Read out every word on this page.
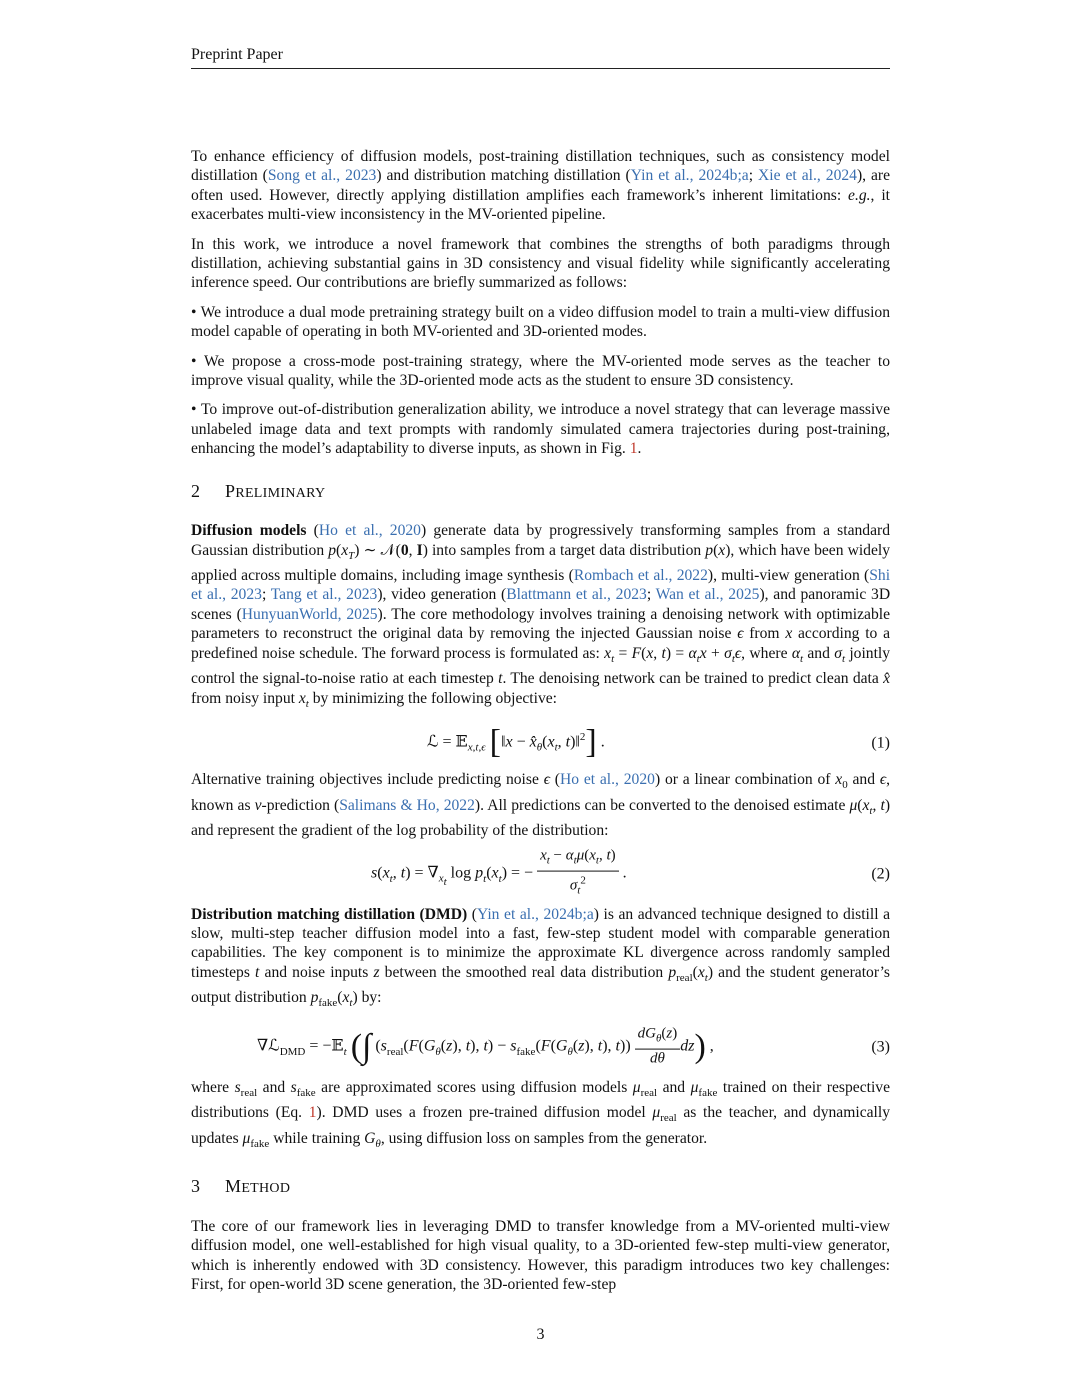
Preprint Paper

To enhance efficiency of diffusion models, post-training distillation techniques, such as consistency model distillation (Song et al., 2023) and distribution matching distillation (Yin et al., 2024b;a; Xie et al., 2024), are often used. However, directly applying distillation amplifies each framework’s inherent limitations: e.g., it exacerbates multi-view inconsistency in the MV-oriented pipeline.

In this work, we introduce a novel framework that combines the strengths of both paradigms through distillation, achieving substantial gains in 3D consistency and visual fidelity while significantly accelerating inference speed. Our contributions are briefly summarized as follows:

• We introduce a dual mode pretraining strategy built on a video diffusion model to train a multi-view diffusion model capable of operating in both MV-oriented and 3D-oriented modes.

• We propose a cross-mode post-training strategy, where the MV-oriented mode serves as the teacher to improve visual quality, while the 3D-oriented mode acts as the student to ensure 3D consistency.

• To improve out-of-distribution generalization ability, we introduce a novel strategy that can leverage massive unlabeled image data and text prompts with randomly simulated camera trajectories during post-training, enhancing the model’s adaptability to diverse inputs, as shown in Fig. 1.

2 PRELIMINARY

Diffusion models (Ho et al., 2020) generate data by progressively transforming samples from a standard Gaussian distribution $p(x_T)$ ∼ 𝒩(0, I) into samples from a target data distribution p(x), which have been widely applied across multiple domains, including image synthesis (Rombach et al., 2022), multi-view generation (Shi et al., 2023; Tang et al., 2023), video generation (Blattmann et al., 2023; Wan et al., 2025), and panoramic 3D scenes (HunyuanWorld, 2025). The core methodology involves training a denoising network with optimizable parameters to reconstruct the original data by removing the injected Gaussian noise ϵ from x according to a predefined noise schedule. The forward process is formulated as: $x_t = F(x$, $t) = \alpha_tx + \sigma_t\epsilon$, where $\alpha_t$ and $\sigma_t$ jointly control the signal-to-noise ratio at each timestep t. The denoising network can be trained to predict clean data x̂ from noisy input $x_t$ by minimizing the following objective:

ℒ = 𝔼$_{x,t,\epsilon}$ [‖x − $x̂_\theta(x_t$, t)‖$^2$] .	(1)

Alternative training objectives include predicting noise ϵ (Ho et al., 2020) or a linear combination of $x_0$ and ϵ, known as v-prediction (Salimans & Ho, 2022). All predictions can be converted to the denoised estimate $\mu(x_t$, t) and represent the gradient of the log probability of the distribution:

$s(x_t$, $t) = \nabla_{x_t}$ $\log p_t(x_t)$ = − $\frac{x_t - \alpha_t\mu(x_t, t)}{\sigma_t^2}$ .	(2)

Distribution matching distillation (DMD) (Yin et al., 2024b;a) is an advanced technique designed to distill a slow, multi-step teacher diffusion model into a fast, few-step student model with comparable generation capabilities. The key component is to minimize the approximate KL divergence across randomly sampled timesteps t and noise inputs z between the smoothed real data distribution $p_{real}(x_t)$ and the student generator’s output distribution $p_{fake}(x_t)$ by:

∇ℒ$_{DMD}$ = −𝔼$_t$ (∫ ($s_{real}(F(G_\theta(z)$, t), $t) - s_{fake}(F(G_\theta(z)$, t), $t)) \frac{dG_\theta(z)}{d\theta} dz$) ,	(3)

where $s_{real}$ and $s_{fake}$ are approximated scores using diffusion models $\mu_{real}$ and $\mu_{fake}$ trained on their respective distributions (Eq. 1). DMD uses a frozen pre-trained diffusion model $\mu_{real}$ as the teacher, and dynamically updates $\mu_{fake}$ while training $G_\theta$, using diffusion loss on samples from the generator.

3 METHOD

The core of our framework lies in leveraging DMD to transfer knowledge from a MV-oriented multi-view diffusion model, one well-established for high visual quality, to a 3D-oriented few-step multi-view generator, which is inherently endowed with 3D consistency. However, this paradigm introduces two key challenges: First, for open-world 3D scene generation, the 3D-oriented few-step

3
